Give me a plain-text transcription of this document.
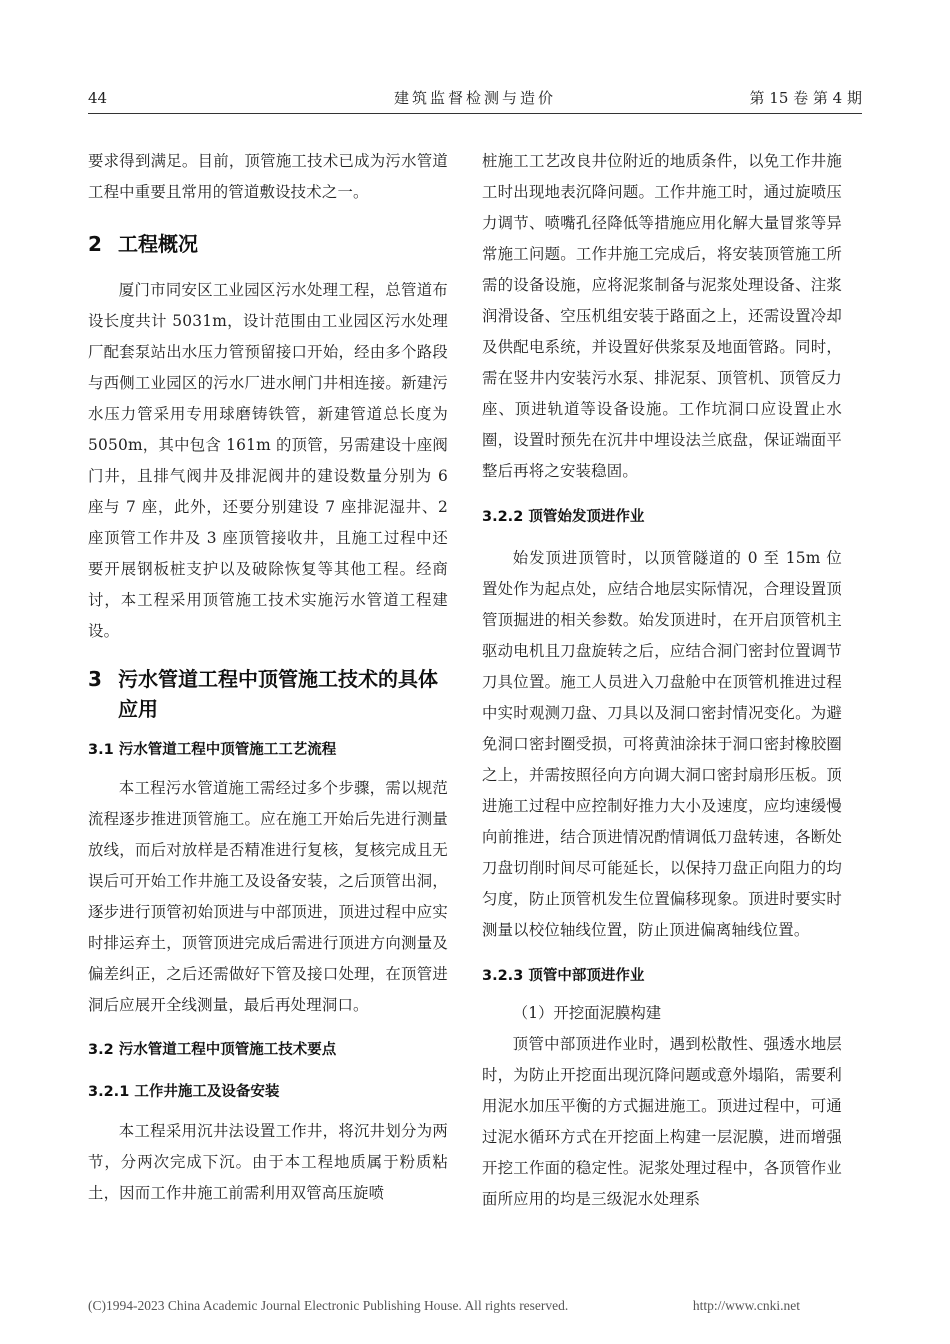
44	建筑监督检测与造价	第 15 卷 第 4 期

要求得到满足。目前，顶管施工技术已成为污水管道工程中重要且常用的管道敷设技术之一。

2 工程概况

厦门市同安区工业园区污水处理工程，总管道布设长度共计 5031m，设计范围由工业园区污水处理厂配套泵站出水压力管预留接口开始，经由多个路段与西侧工业园区的污水厂进水闸门井相连接。新建污水压力管采用专用球磨铸铁管，新建管道总长度为 5050m，其中包含 161m 的顶管，另需建设十座阀门井，且排气阀井及排泥阀井的建设数量分别为 6 座与 7 座，此外，还要分别建设 7 座排泥湿井、2 座顶管工作井及 3 座顶管接收井，且施工过程中还要开展钢板桩支护以及破除恢复等其他工程。经商讨，本工程采用顶管施工技术实施污水管道工程建设。

3 污水管道工程中顶管施工技术的具体应用
3.1 污水管道工程中顶管施工工艺流程

本工程污水管道施工需经过多个步骤，需以规范流程逐步推进顶管施工。应在施工开始后先进行测量放线，而后对放样是否精准进行复核，复核完成且无误后可开始工作井施工及设备安装，之后顶管出洞，逐步进行顶管初始顶进与中部顶进，顶进过程中应实时排运弃土，顶管顶进完成后需进行顶进方向测量及偏差纠正，之后还需做好下管及接口处理，在顶管进洞后应展开全线测量，最后再处理洞口。

3.2 污水管道工程中顶管施工技术要点
3.2.1 工作井施工及设备安装

本工程采用沉井法设置工作井，将沉井划分为两节，分两次完成下沉。由于本工程地质属于粉质粘土，因而工作井施工前需利用双管高压旋喷

桩施工工艺改良井位附近的地质条件，以免工作井施工时出现地表沉降问题。工作井施工时，通过旋喷压力调节、喷嘴孔径降低等措施应用化解大量冒浆等异常施工问题。工作井施工完成后，将安装顶管施工所需的设备设施，应将泥浆制备与泥浆处理设备、注浆润滑设备、空压机组安装于路面之上，还需设置冷却及供配电系统，并设置好供浆泵及地面管路。同时，需在竖井内安装污水泵、排泥泵、顶管机、顶管反力座、顶进轨道等设备设施。工作坑洞口应设置止水圈，设置时预先在沉井中埋设法兰底盘，保证端面平整后再将之安装稳固。

3.2.2 顶管始发顶进作业

始发顶进顶管时，以顶管隧道的 0 至 15m 位置处作为起点处，应结合地层实际情况，合理设置顶管顶掘进的相关参数。始发顶进时，在开启顶管机主驱动电机且刀盘旋转之后，应结合洞门密封位置调节刀具位置。施工人员进入刀盘舱中在顶管机推进过程中实时观测刀盘、刀具以及洞口密封情况变化。为避免洞口密封圈受损，可将黄油涂抹于洞口密封橡胶圈之上，并需按照径向方向调大洞口密封扇形压板。顶进施工过程中应控制好推力大小及速度，应均速缓慢向前推进，结合顶进情况酌情调低刀盘转速，各断处刀盘切削时间尽可能延长，以保持刀盘正向阻力的均匀度，防止顶管机发生位置偏移现象。顶进时要实时测量以校位轴线位置，防止顶进偏离轴线位置。

3.2.3 顶管中部顶进作业

（1）开挖面泥膜构建

顶管中部顶进作业时，遇到松散性、强透水地层时，为防止开挖面出现沉降问题或意外塌陷，需要利用泥水加压平衡的方式掘进施工。顶进过程中，可通过泥水循环方式在开挖面上构建一层泥膜，进而增强开挖工作面的稳定性。泥浆处理过程中，各顶管作业面所应用的均是三级泥水处理系

(C)1994-2023 China Academic Journal Electronic Publishing House. All rights reserved.	http://www.cnki.net
